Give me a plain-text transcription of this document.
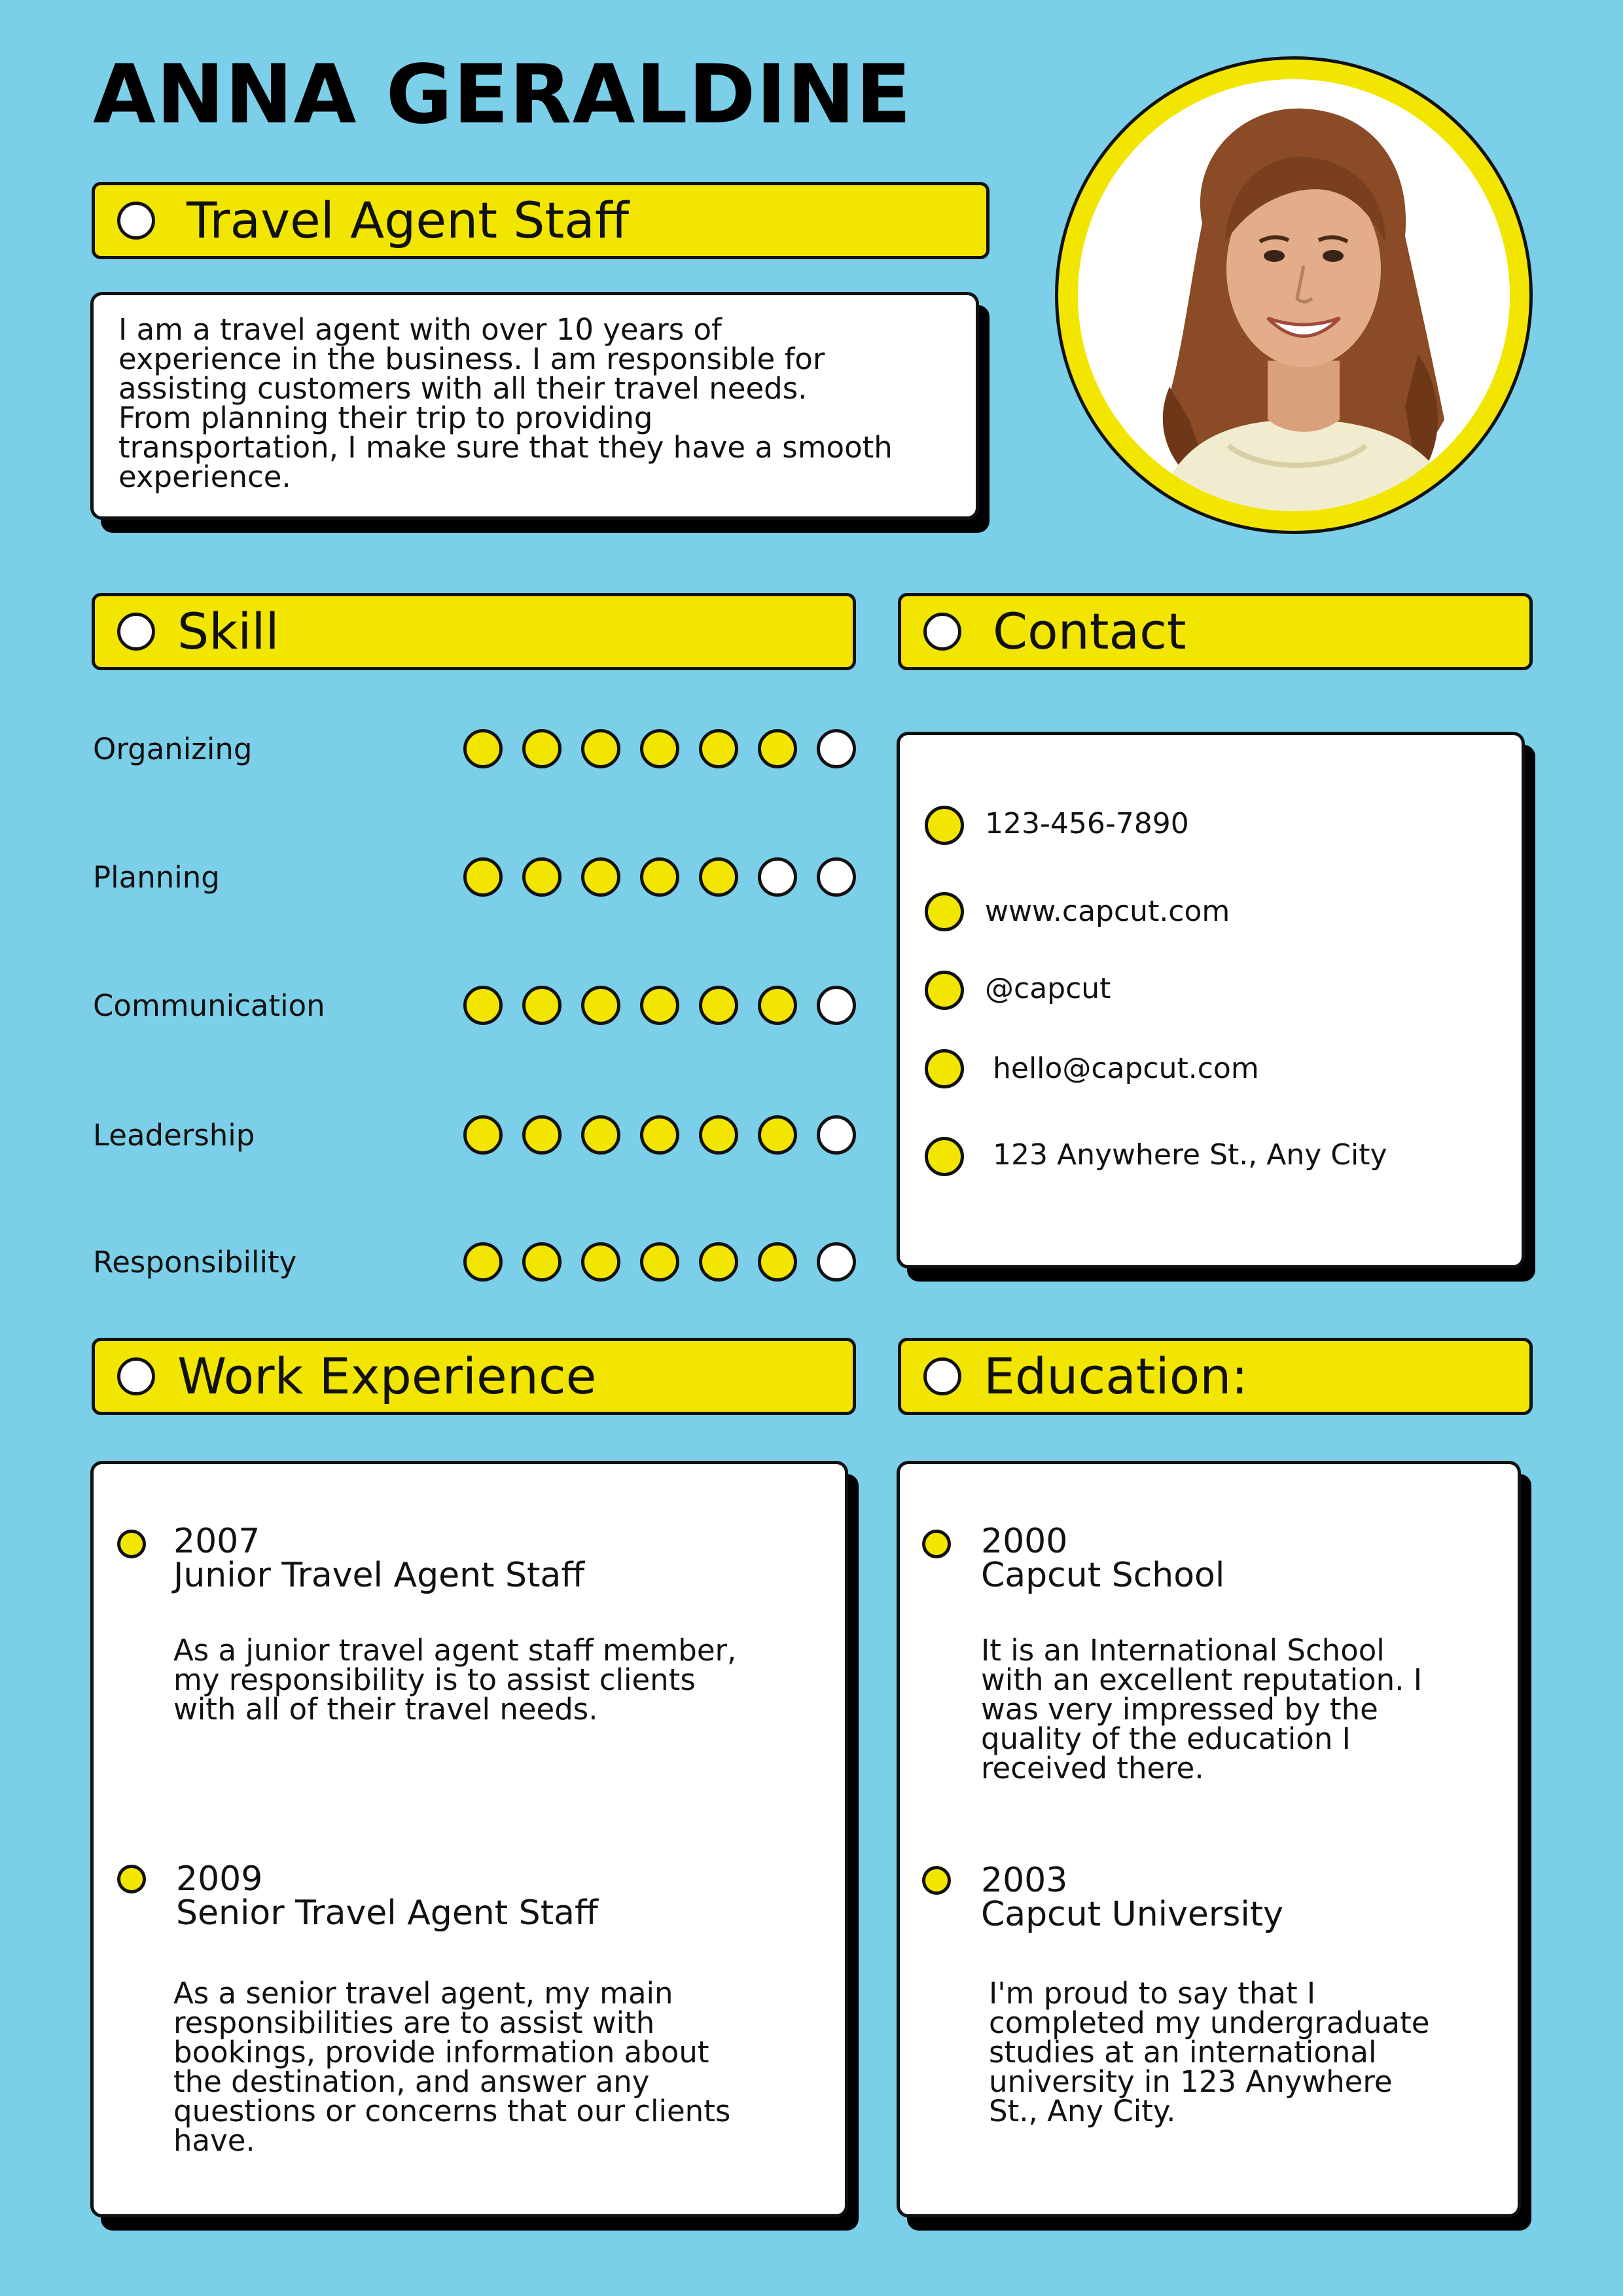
ANNA GERALDINE
Travel Agent Staff
I am a travel agent with over 10 years of
experience in the business. I am responsible for
assisting customers with all their travel needs.
From planning their trip to providing
transportation, I make sure that they have a smooth
experience.
Skill	Contact
Organizing
Planning
Communication
Leadership
Responsibility
123-456-7890
www.capcut.com
@capcut
hello@capcut.com
123 Anywhere St., Any City
Work Experience	Education:
2007
Junior Travel Agent Staff
As a junior travel agent staff member,
my responsibility is to assist clients
with all of their travel needs.
2009
Senior Travel Agent Staff
As a senior travel agent, my main
responsibilities are to assist with
bookings, provide information about
the destination, and answer any
questions or concerns that our clients
have.
2000
Capcut School
It is an International School
with an excellent reputation. I
was very impressed by the
quality of the education I
received there.
2003
Capcut University
I'm proud to say that I
completed my undergraduate
studies at an international
university in 123 Anywhere
St., Any City.
